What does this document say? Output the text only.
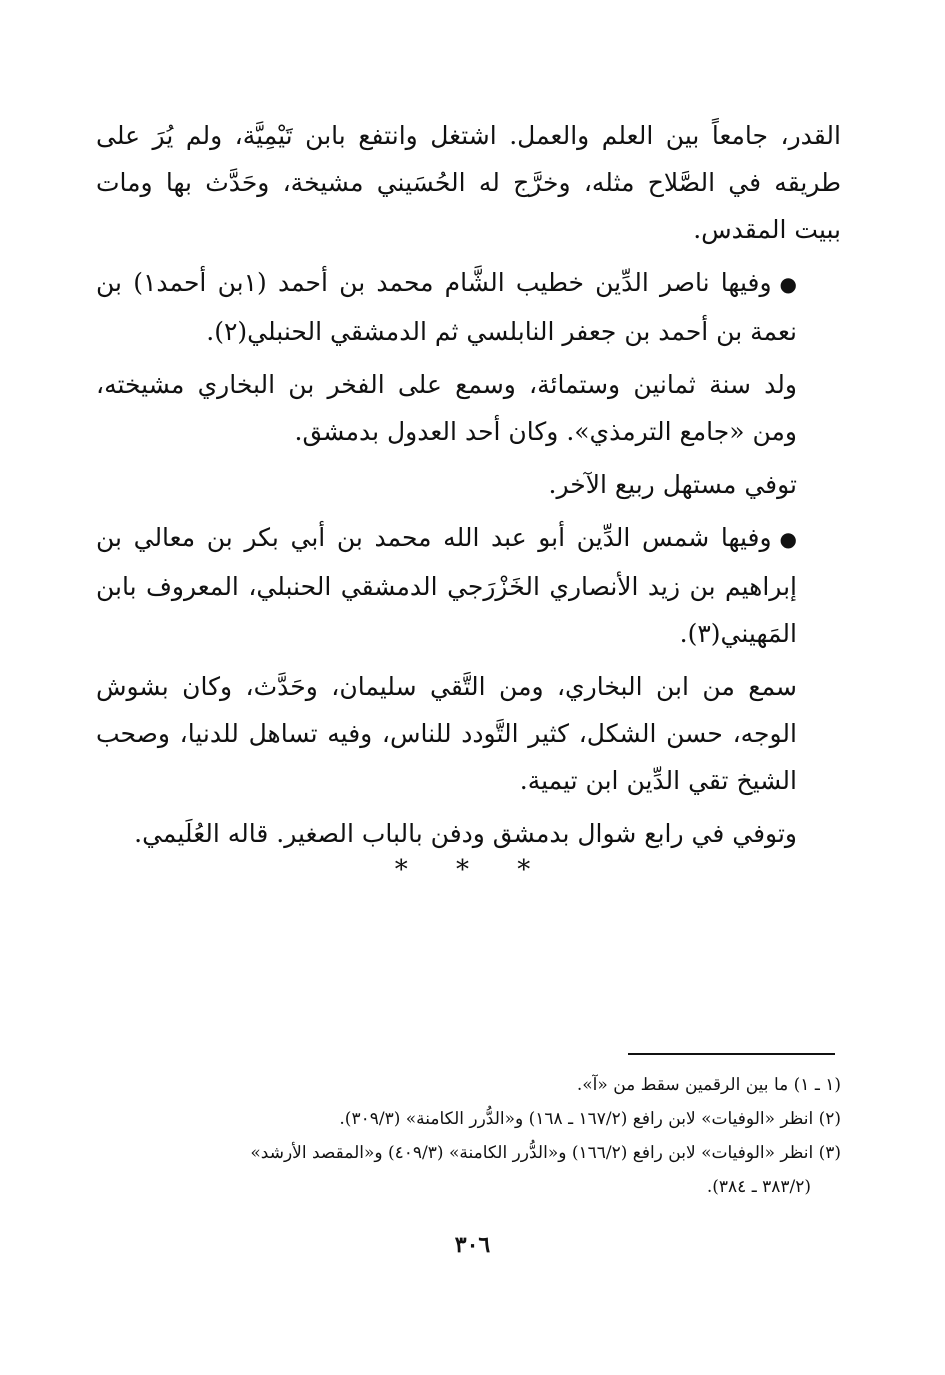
القدر، جامعاً بين العلم والعمل. اشتغل وانتفع بابن تَيْمِيَّة، ولم يُرَ على طريقه في الصَّلاح مثله، وخرَّج له الحُسَيني مشيخة، وحَدَّث بها ومات ببيت المقدس.

●وفيها ناصر الدِّين خطيب الشَّام محمد بن أحمد (١بن أحمد١) بن نعمة بن أحمد بن جعفر النابلسي ثم الدمشقي الحنبلي(٢).

ولد سنة ثمانين وستمائة، وسمع على الفخر بن البخاري مشيخته، ومن «جامع الترمذي». وكان أحد العدول بدمشق.

توفي مستهل ربيع الآخر.

●وفيها شمس الدِّين أبو عبد الله محمد بن أبي بكر بن معالي بن إبراهيم بن زيد الأنصاري الخَزْرَجي الدمشقي الحنبلي، المعروف بابن المَهيني(٣).

سمع من ابن البخاري، ومن التَّقي سليمان، وحَدَّث، وكان بشوش الوجه، حسن الشكل، كثير التَّودد للناس، وفيه تساهل للدنيا، وصحب الشيخ تقي الدِّين ابن تيمية.

وتوفي في رابع شوال بدمشق ودفن بالباب الصغير. قاله العُلَيمي.

* * *

(١ ـ ١) ما بين الرقمين سقط من «آ».

(٢) انظر «الوفيات» لابن رافع (١٦٧/٢ ـ ١٦٨) و«الدُّرر الكامنة» (٣٠٩/٣).

(٣) انظر «الوفيات» لابن رافع (١٦٦/٢) و«الدُّرر الكامنة» (٤٠٩/٣) و«المقصد الأرشد»

(٣٨٣/٢ ـ ٣٨٤).

٣٠٦
